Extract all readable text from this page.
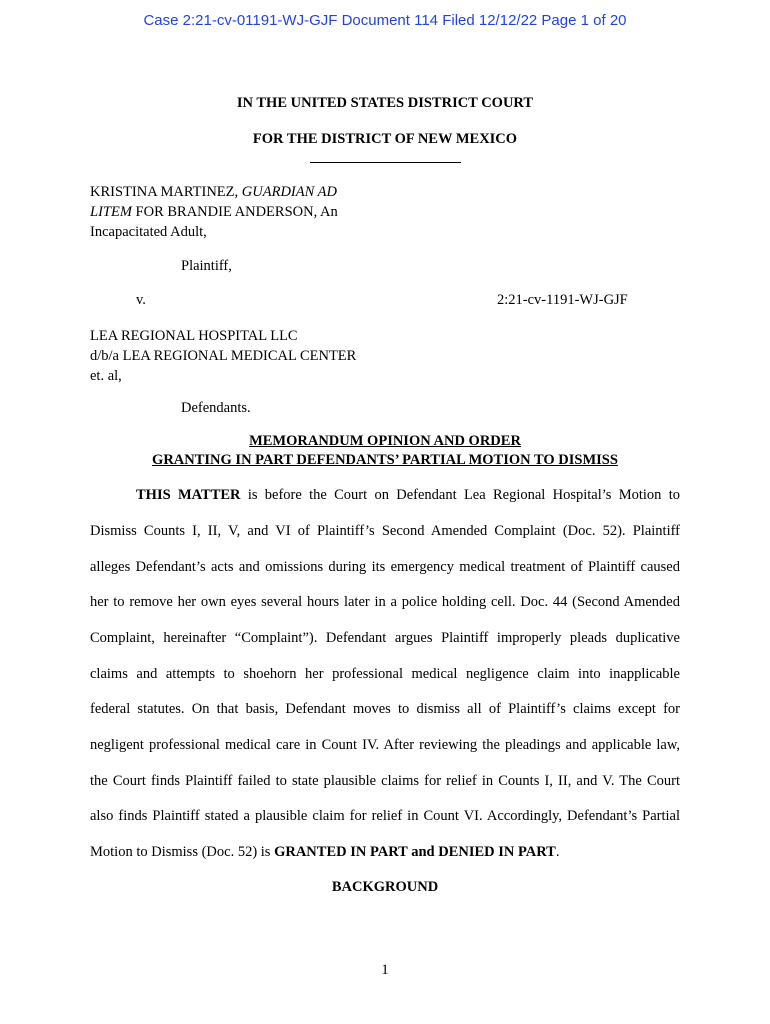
Case 2:21-cv-01191-WJ-GJF Document 114 Filed 12/12/22 Page 1 of 20
IN THE UNITED STATES DISTRICT COURT
FOR THE DISTRICT OF NEW MEXICO
KRISTINA MARTINEZ, GUARDIAN AD
LITEM FOR BRANDIE ANDERSON, An
Incapacitated Adult,
Plaintiff,
v.	2:21-cv-1191-WJ-GJF
LEA REGIONAL HOSPITAL LLC
d/b/a LEA REGIONAL MEDICAL CENTER
et. al,
Defendants.
MEMORANDUM OPINION AND ORDER
GRANTING IN PART DEFENDANTS’ PARTIAL MOTION TO DISMISS
THIS MATTER is before the Court on Defendant Lea Regional Hospital’s Motion to
Dismiss Counts I, II, V, and VI of Plaintiff’s Second Amended Complaint (Doc. 52). Plaintiff
alleges Defendant’s acts and omissions during its emergency medical treatment of Plaintiff caused
her to remove her own eyes several hours later in a police holding cell. Doc. 44 (Second Amended
Complaint, hereinafter “Complaint”). Defendant argues Plaintiff improperly pleads duplicative
claims and attempts to shoehorn her professional medical negligence claim into inapplicable
federal statutes. On that basis, Defendant moves to dismiss all of Plaintiff’s claims except for
negligent professional medical care in Count IV. After reviewing the pleadings and applicable law,
the Court finds Plaintiff failed to state plausible claims for relief in Counts I, II, and V. The Court
also finds Plaintiff stated a plausible claim for relief in Count VI. Accordingly, Defendant’s Partial
Motion to Dismiss (Doc. 52) is GRANTED IN PART and DENIED IN PART.
BACKGROUND
1
